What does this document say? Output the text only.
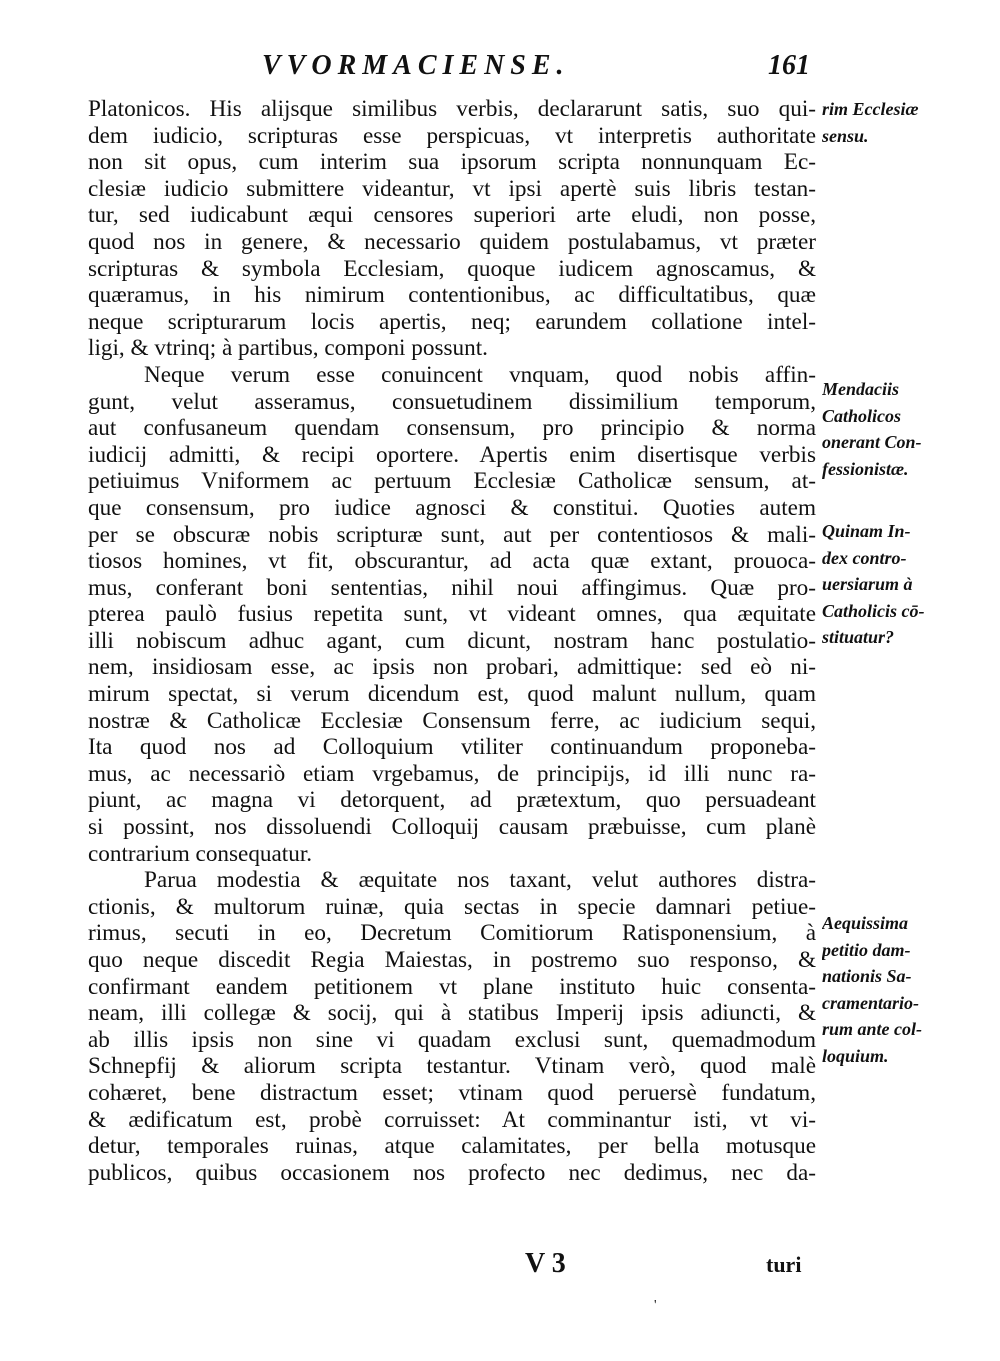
VVORMACIENSE.	161
Platonicos. His alijsque similibus verbis, declararunt satis, suo qui-
dem iudicio, scripturas esse perspicuas, vt interpretis authoritate
non sit opus, cum interim sua ipsorum scripta nonnunquam Ec-
clesiæ iudicio submittere videantur, vt ipsi apertè suis libris testan-
tur, sed iudicabunt æqui censores superiori arte eludi, non posse,
quod nos in genere, & necessario quidem postulabamus, vt præter
scripturas & symbola Ecclesiam, quoque iudicem agnoscamus, &
quæramus, in his nimirum contentionibus, ac difficultatibus, quæ
neque scripturarum locis apertis, neq; earundem collatione intel-
ligi, & vtrinq; à partibus, componi possunt.
Neque verum esse conuincent vnquam, quod nobis affin-
gunt, velut asseramus, consuetudinem dissimilium temporum,
aut confusaneum quendam consensum, pro principio & norma
iudicij admitti, & recipi oportere. Apertis enim disertisque verbis
petiuimus Vniformem ac pertuum Ecclesiæ Catholicæ sensum, at-
que consensum, pro iudice agnosci & constitui. Quoties autem
per se obscuræ nobis scripturæ sunt, aut per contentiosos & mali-
tiosos homines, vt fit, obscurantur, ad acta quæ extant, prouoca-
mus, conferant boni sententias, nihil noui affingimus. Quæ pro-
pterea paulò fusius repetita sunt, vt videant omnes, qua æquitate
illi nobiscum adhuc agant, cum dicunt, nostram hanc postulatio-
nem, insidiosam esse, ac ipsis non probari, admittique: sed eò ni-
mirum spectat, si verum dicendum est, quod malunt nullum, quam
nostræ & Catholicæ Ecclesiæ Consensum ferre, ac iudicium sequi,
Ita quod nos ad Colloquium vtiliter continuandum proponeba-
mus, ac necessariò etiam vrgebamus, de principijs, id illi nunc ra-
piunt, ac magna vi detorquent, ad prætextum, quo persuadeant
si possint, nos dissoluendi Colloquij causam præbuisse, cum planè
contrarium consequatur.
Parua modestia & æquitate nos taxant, velut authores distra-
ctionis, & multorum ruinæ, quia sectas in specie damnari petiue-
rimus, secuti in eo, Decretum Comitiorum Ratisponensium, à
quo neque discedit Regia Maiestas, in postremo suo responso, &
confirmant eandem petitionem vt plane instituto huic consenta-
neam, illi collegæ & socij, qui à statibus Imperij ipsis adiuncti, &
ab illis ipsis non sine vi quadam exclusi sunt, quemadmodum
Schnepfij & aliorum scripta testantur. Vtinam verò, quod malè
cohæret, bene distractum esset; vtinam quod peruersè fundatum,
& ædificatum est, probè corruisset: At comminantur isti, vt vi-
detur, temporales ruinas, atque calamitates, per bella motusque
publicos, quibus occasionem nos profecto nec dedimus, nec da-
rim Ecclesiæ
sensu.
Mendaciis
Catholicos
onerant Con-
fessionistæ.
Quinam In-
dex contro-
uersiarum à
Catholicis cō-
stituatur?
Aequissima
petitio dam-
nationis Sa-
cramentario-
rum ante col-
loquium.
V 3	turi
'
